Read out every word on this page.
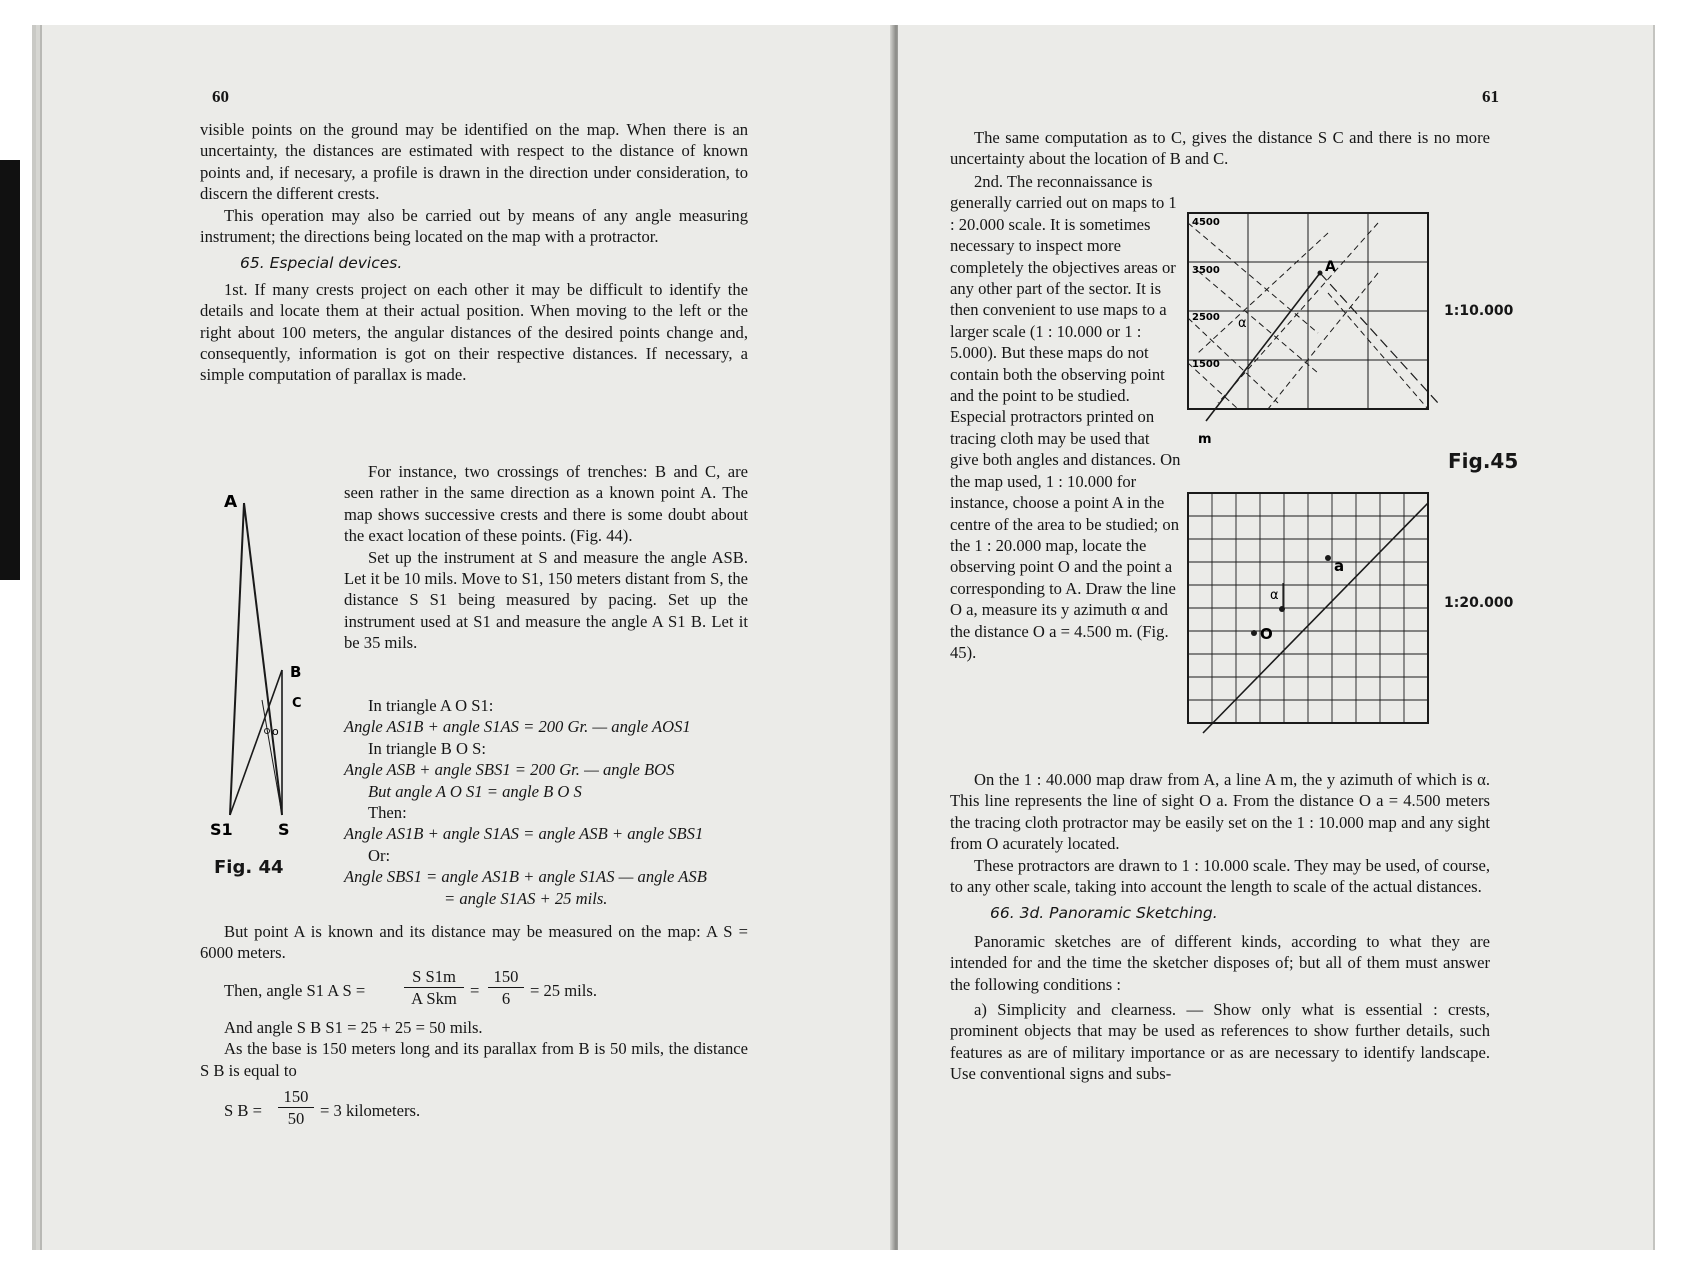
60

visible points on the ground may be identified on the map. When there is an uncertainty, the distances are estimated with respect to the distance of known points and, if necesary, a profile is drawn in the direction under consideration, to discern the different crests.

This operation may also be carried out by means of any angle measuring instrument; the directions being located on the map with a protractor.

65. Especial devices.

1st. If many crests project on each other it may be difficult to identify the details and locate them at their actual position. When moving to the left or the right about 100 meters, the angular distances of the desired points change and, consequently, information is got on their respective distances. If necessary, a simple computation of parallax is made.

A
B
C
o
S1	S
Fig. 44

For instance, two crossings of trenches: B and C, are seen rather in the same direction as a known point A. The map shows successive crests and there is some doubt about the exact location of these points. (Fig. 44).

Set up the instrument at S and measure the angle ASB. Let it be 10 mils. Move to S1, 150 meters distant from S, the distance S S1 being measured by pacing. Set up the instrument used at S1 and measure the angle A S1 B. Let it be 35 mils.

In triangle A O S1:

Angle AS1B + angle S1AS = 200 Gr. — angle AOS1

In triangle B O S:

Angle ASB + angle SBS1 = 200 Gr. — angle BOS

But angle A O S1 = angle B O S

Then:

Angle AS1B + angle S1AS = angle ASB + angle SBS1

Or:

Angle SBS1 = angle AS1B + angle S1AS — angle ASB

= angle S1AS + 25 mils.

But point A is known and its distance may be measured on the map: A S = 6000 meters.

Then, angle S1 A S =
S S1m
A Skm =
150
6	= 25 mils.

And angle S B S1 = 25 + 25 = 50 mils.

As the base is 150 meters long and its parallax from B is 50 mils, the distance S B is equal to

S B =
150
50 = 3 kilometers.
61

The same computation as to C, gives the distance S C and there is no more uncertainty about the location of B and C.

2nd. The reconnaissance is generally carried out on maps to 1 : 20.000 scale. It is sometimes necessary to inspect more completely the objectives areas or any other part of the sector. It is then convenient to use maps to a larger scale (1 : 10.000 or 1 : 5.000). But these maps do not contain both the observing point and the point to be studied. Especial protractors printed on tracing cloth may be used that give both angles and distances. On the map used, 1 : 10.000 for instance, choose a point A in the centre of the area to be studied; on the 1 : 20.000 map, locate the observing point O and the point a corresponding to A. Draw the line O a, measure its y azimuth α and the distance O a = 4.500 m. (Fig. 45).

4500
3500
2500
1500
A
α
m
a
α
O
1:10.000
Fig.45
1:20.000

On the 1 : 40.000 map draw from A, a line A m, the y azimuth of which is α. This line represents the line of sight O a. From the distance O a = 4.500 meters the tracing cloth protractor may be easily set on the 1 : 10.000 map and any sight from O acurately located.

These protractors are drawn to 1 : 10.000 scale. They may be used, of course, to any other scale, taking into account the length to scale of the actual distances.

66. 3d. Panoramic Sketching.

Panoramic sketches are of different kinds, according to what they are intended for and the time the sketcher disposes of; but all of them must answer the following conditions :

a) Simplicity and clearness. — Show only what is essential : crests, prominent objects that may be used as references to show further details, such features as are of military importance or as are necessary to identify landscape. Use conventional signs and subs-
